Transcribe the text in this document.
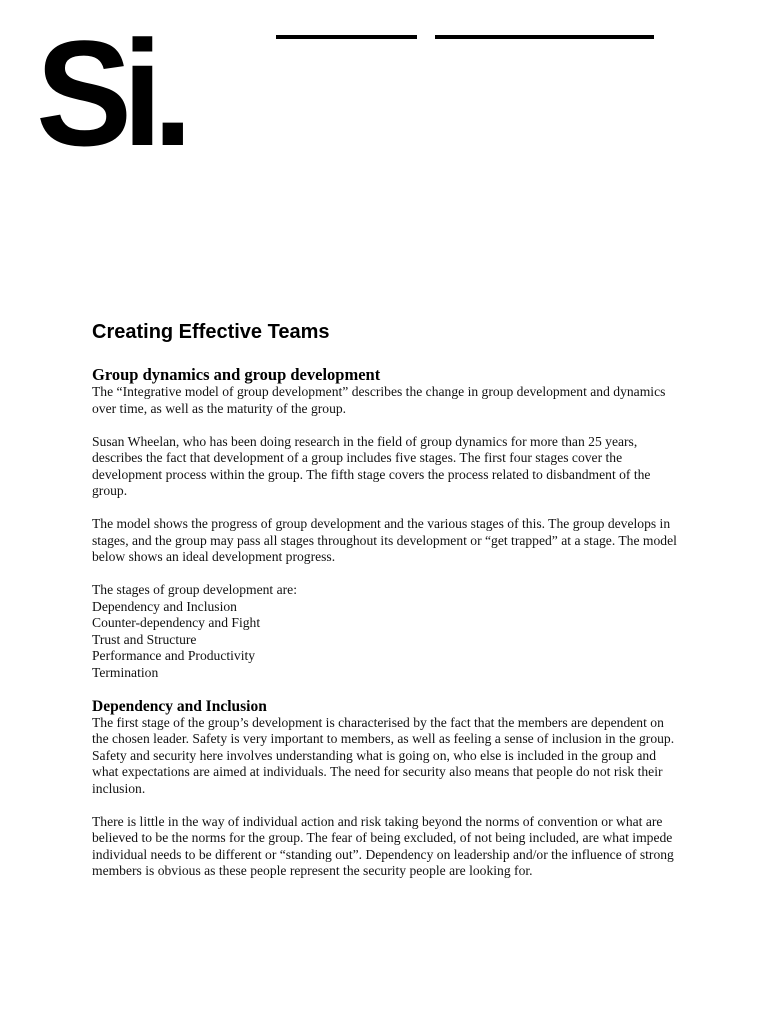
Si.
Creating Effective Teams
Group dynamics and group development

The “Integrative model of group development” describes the change in group development and dynamics over time, as well as the maturity of the group.

Susan Wheelan, who has been doing research in the field of group dynamics for more than 25 years, describes the fact that development of a group includes five stages. The first four stages cover the development process within the group. The fifth stage covers the process related to disbandment of the group.

The model shows the progress of group development and the various stages of this. The group develops in stages, and the group may pass all stages throughout its development or “get trapped” at a stage. The model below shows an ideal development progress.

The stages of group development are:
Dependency and Inclusion
Counter-dependency and Fight
Trust and Structure
Performance and Productivity
Termination
Dependency and Inclusion

The first stage of the group’s development is characterised by the fact that the members are dependent on the chosen leader. Safety is very important to members, as well as feeling a sense of inclusion in the group. Safety and security here involves understanding what is going on, who else is included in the group and what expectations are aimed at individuals. The need for security also means that people do not risk their inclusion.

There is little in the way of individual action and risk taking beyond the norms of convention or what are believed to be the norms for the group. The fear of being excluded, of not being included, are what impede individual needs to be different or “standing out”. Dependency on leadership and/or the influence of strong members is obvious as these people represent the security people are looking for.
